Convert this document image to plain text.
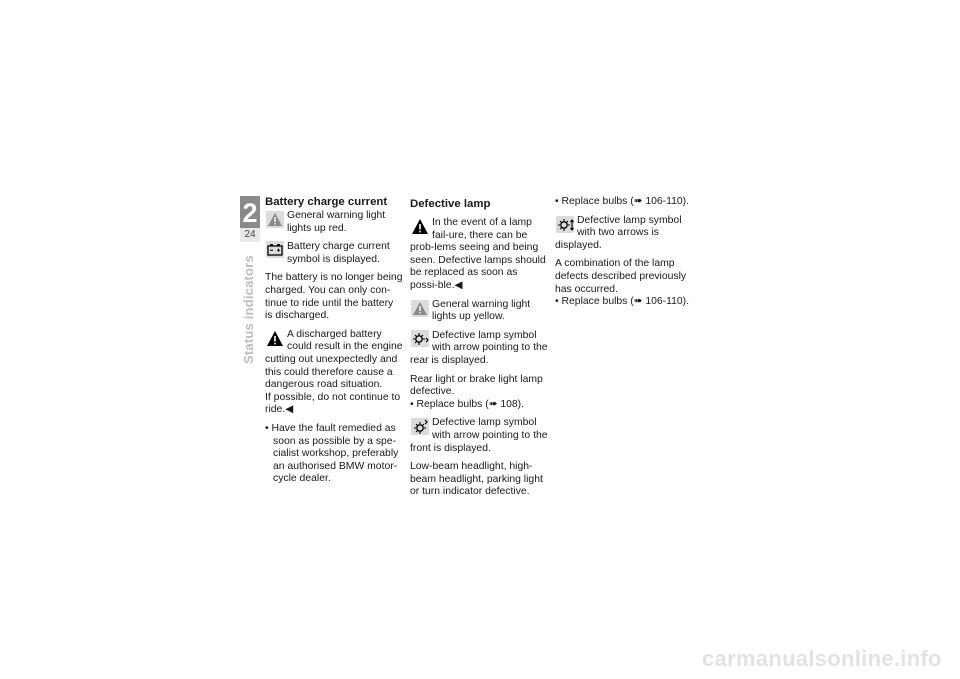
2
24
Status indicators
Battery charge current

General warning light lights up red.

Battery charge current symbol is displayed.

The battery is no longer being charged. You can only con-tinue to ride until the battery is discharged.

A discharged battery could result in the engine cutting out unexpectedly and this could therefore cause a dangerous road situation.

If possible, do not continue to ride.◀

• Have the fault remedied as soon as possible by a spe-cialist workshop, preferably an authorised BMW motor-cycle dealer.

Defective lamp

In the event of a lamp fail-ure, there can be prob-lems seeing and being seen. Defective lamps should be replaced as soon as possi-ble.◀

General warning light lights up yellow.

Defective lamp symbol with arrow pointing to the rear is displayed.

Rear light or brake light lamp defective.

• Replace bulbs (➠ 108).

Defective lamp symbol with arrow pointing to the front is displayed.

Low-beam headlight, high-beam headlight, parking light or turn indicator defective.

• Replace bulbs (➠ 106-110).

Defective lamp symbol with two arrows is displayed.

A combination of the lamp defects described previously has occurred.

• Replace bulbs (➠ 106-110).

carmanualsonline.info
